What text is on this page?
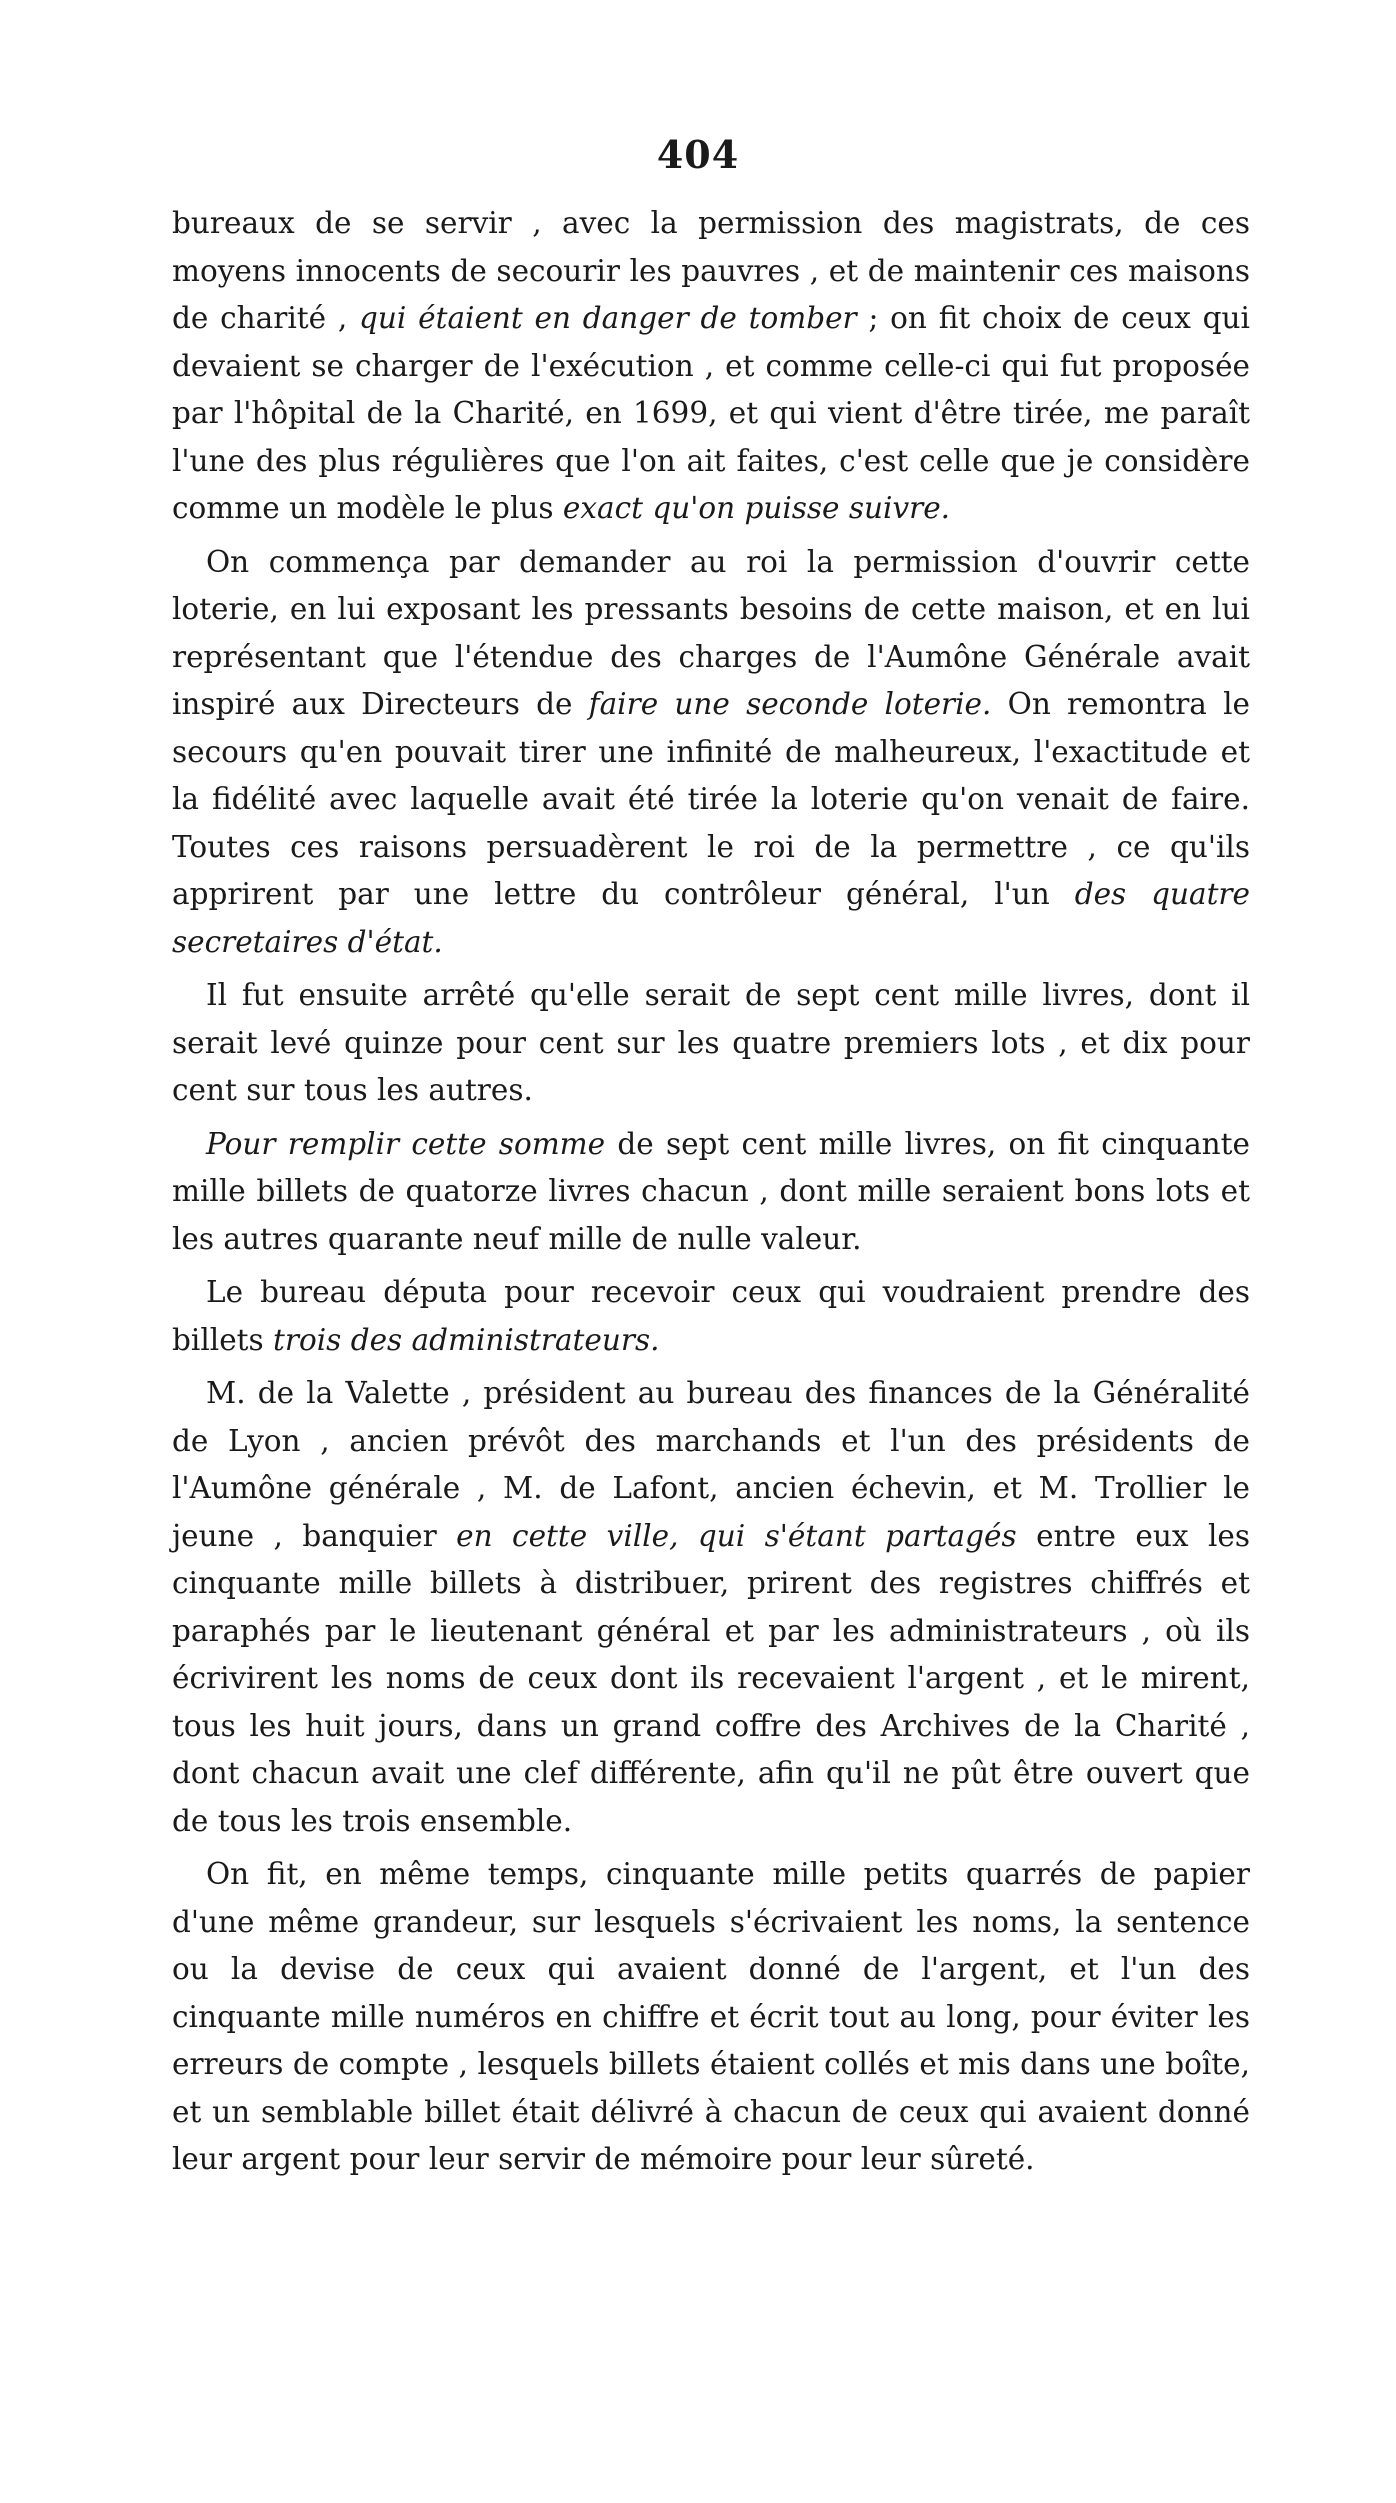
404

bureaux de se servir , avec la permission des magistrats, de ces moyens innocents de secourir les pauvres , et de maintenir ces maisons de charité , qui étaient en danger de tomber ; on fit choix de ceux qui devaient se charger de l'exécution , et comme celle-ci qui fut proposée par l'hôpital de la Charité, en 1699, et qui vient d'être tirée, me paraît l'une des plus régulières que l'on ait faites, c'est celle que je considère comme un modèle le plus exact qu'on puisse suivre.

On commença par demander au roi la permission d'ouvrir cette loterie, en lui exposant les pressants besoins de cette maison, et en lui représentant que l'étendue des charges de l'Aumône Générale avait inspiré aux Directeurs de faire une seconde loterie. On remontra le secours qu'en pouvait tirer une infinité de malheureux, l'exactitude et la fidélité avec laquelle avait été tirée la loterie qu'on venait de faire. Toutes ces raisons persuadèrent le roi de la permettre , ce qu'ils apprirent par une lettre du contrôleur général, l'un des quatre secretaires d'état.

Il fut ensuite arrêté qu'elle serait de sept cent mille livres, dont il serait levé quinze pour cent sur les quatre premiers lots , et dix pour cent sur tous les autres.

Pour remplir cette somme de sept cent mille livres, on fit cinquante mille billets de quatorze livres chacun , dont mille seraient bons lots et les autres quarante neuf mille de nulle valeur.

Le bureau députa pour recevoir ceux qui voudraient prendre des billets trois des administrateurs.

M. de la Valette , président au bureau des finances de la Généralité de Lyon , ancien prévôt des marchands et l'un des présidents de l'Aumône générale , M. de Lafont, ancien échevin, et M. Trollier le jeune , banquier en cette ville, qui s'étant partagés entre eux les cinquante mille billets à distribuer, prirent des registres chiffrés et paraphés par le lieutenant général et par les administrateurs , où ils écrivirent les noms de ceux dont ils recevaient l'argent , et le mirent, tous les huit jours, dans un grand coffre des Archives de la Charité , dont chacun avait une clef différente, afin qu'il ne pût être ouvert que de tous les trois ensemble.

On fit, en même temps, cinquante mille petits quarrés de papier d'une même grandeur, sur lesquels s'écrivaient les noms, la sentence ou la devise de ceux qui avaient donné de l'argent, et l'un des cinquante mille numéros en chiffre et écrit tout au long, pour éviter les erreurs de compte , lesquels billets étaient collés et mis dans une boîte, et un semblable billet était délivré à chacun de ceux qui avaient donné leur argent pour leur servir de mémoire pour leur sûreté.
